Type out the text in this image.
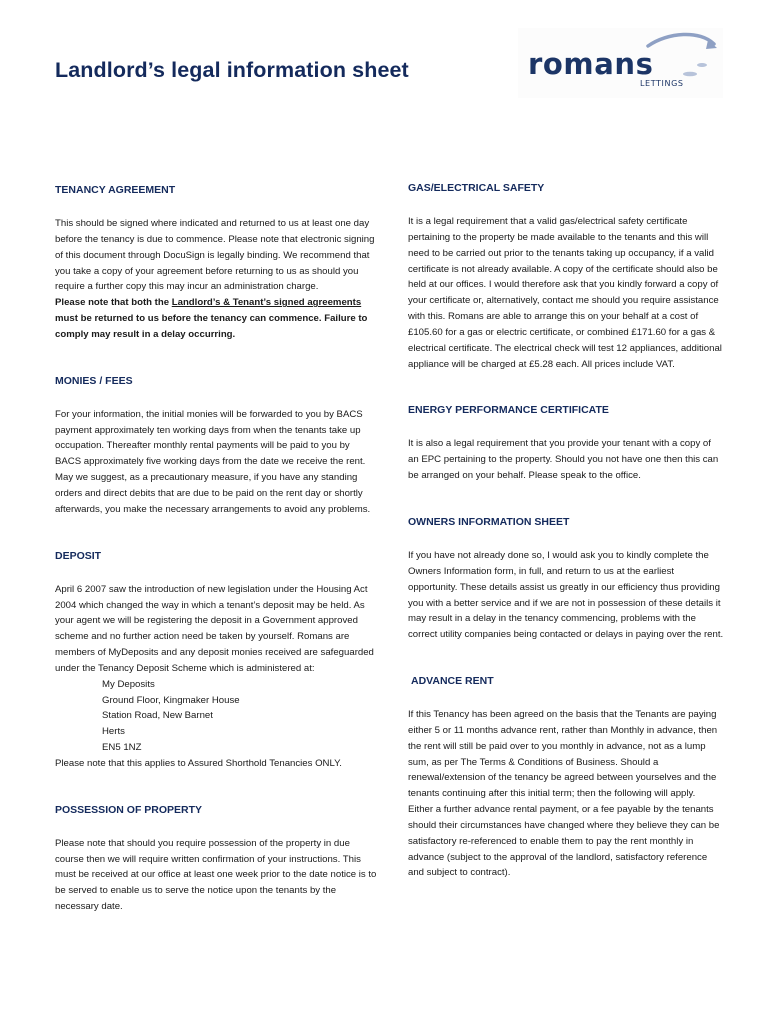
Landlord’s legal information sheet	romans
LETTINGS
TENANCY AGREEMENT
This should be signed where indicated and returned to us at least one day
before the tenancy is due to commence. Please note that electronic signing
of this document through DocuSign is legally binding. We recommend that
you take a copy of your agreement before returning to us as should you
require a further copy this may incur an administration charge.
Please note that both the Landlord’s & Tenant’s signed agreements
must be returned to us before the tenancy can commence. Failure to
comply may result in a delay occurring.
MONIES / FEES
For your information, the initial monies will be forwarded to you by BACS
payment approximately ten working days from when the tenants take up
occupation. Thereafter monthly rental payments will be paid to you by
BACS approximately five working days from the date we receive the rent.
May we suggest, as a precautionary measure, if you have any standing
orders and direct debits that are due to be paid on the rent day or shortly
afterwards, you make the necessary arrangements to avoid any problems.
DEPOSIT
April 6 2007 saw the introduction of new legislation under the Housing Act
2004 which changed the way in which a tenant’s deposit may be held. As
your agent we will be registering the deposit in a Government approved
scheme and no further action need be taken by yourself. Romans are
members of MyDeposits and any deposit monies received are safeguarded
under the Tenancy Deposit Scheme which is administered at:
My Deposits
Ground Floor, Kingmaker House
Station Road, New Barnet
Herts
EN5 1NZ
Please note that this applies to Assured Shorthold Tenancies ONLY.
POSSESSION OF PROPERTY
Please note that should you require possession of the property in due
course then we will require written confirmation of your instructions. This
must be received at our office at least one week prior to the date notice is to
be served to enable us to serve the notice upon the tenants by the
necessary date.
GAS/ELECTRICAL SAFETY
It is a legal requirement that a valid gas/electrical safety certificate
pertaining to the property be made available to the tenants and this will
need to be carried out prior to the tenants taking up occupancy, if a valid
certificate is not already available. A copy of the certificate should also be
held at our offices. I would therefore ask that you kindly forward a copy of
your certificate or, alternatively, contact me should you require assistance
with this. Romans are able to arrange this on your behalf at a cost of
£105.60 for a gas or electric certificate, or combined £171.60 for a gas &
electrical certificate. The electrical check will test 12 appliances, additional
appliance will be charged at £5.28 each. All prices include VAT.
ENERGY PERFORMANCE CERTIFICATE
It is also a legal requirement that you provide your tenant with a copy of
an EPC pertaining to the property. Should you not have one then this can
be arranged on your behalf. Please speak to the office.
OWNERS INFORMATION SHEET
If you have not already done so, I would ask you to kindly complete the
Owners Information form, in full, and return to us at the earliest
opportunity. These details assist us greatly in our efficiency thus providing
you with a better service and if we are not in possession of these details it
may result in a delay in the tenancy commencing, problems with the
correct utility companies being contacted or delays in paying over the rent.
ADVANCE RENT
If this Tenancy has been agreed on the basis that the Tenants are paying
either 5 or 11 months advance rent, rather than Monthly in advance, then
the rent will still be paid over to you monthly in advance, not as a lump
sum, as per The Terms & Conditions of Business. Should a
renewal/extension of the tenancy be agreed between yourselves and the
tenants continuing after this initial term; then the following will apply.
Either a further advance rental payment, or a fee payable by the tenants
should their circumstances have changed where they believe they can be
satisfactory re-referenced to enable them to pay the rent monthly in
advance (subject to the approval of the landlord, satisfactory reference
and subject to contract).
